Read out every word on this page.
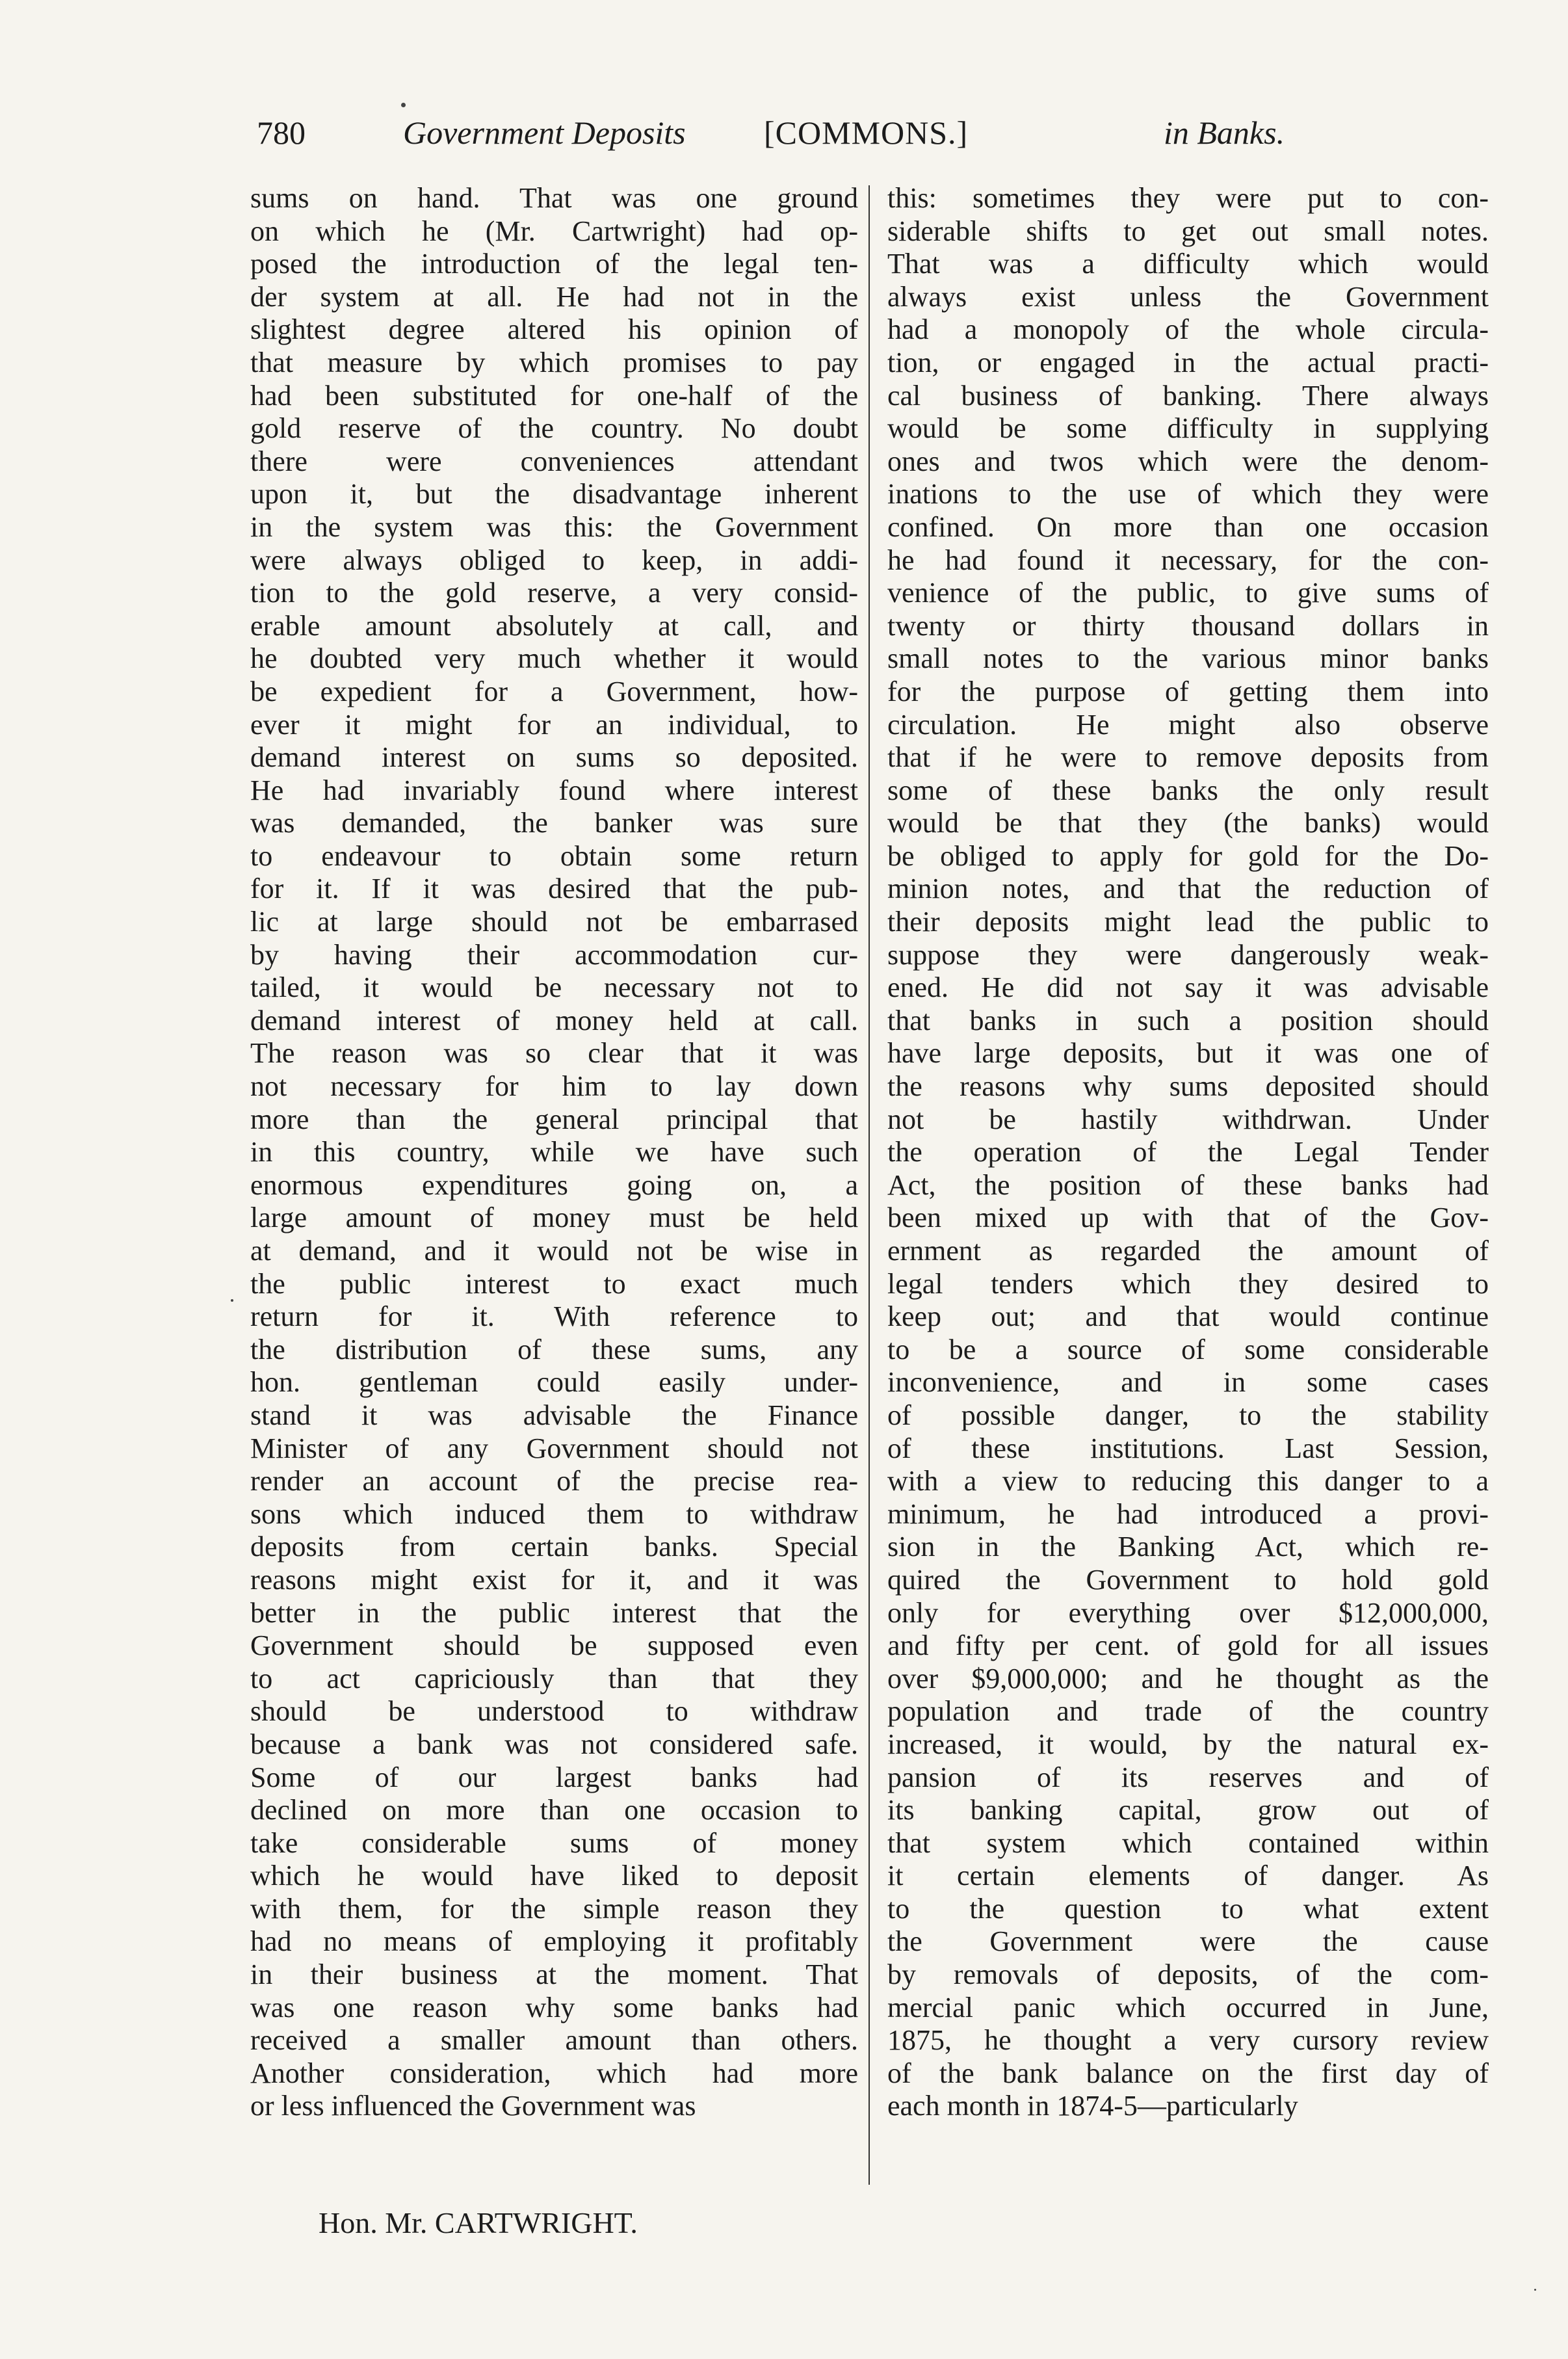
780	Government Deposits [COMMONS.]	in Banks.
sums on hand. That was one ground
on which he (Mr. Cartwright) had op-
posed the introduction of the legal ten-
der system at all. He had not in the
slightest degree altered his opinion of
that measure by which promises to pay
had been substituted for one-half of the
gold reserve of the country. No doubt
there were conveniences attendant
upon it, but the disadvantage inherent
in the system was this: the Government
were always obliged to keep, in addi-
tion to the gold reserve, a very consid-
erable amount absolutely at call, and
he doubted very much whether it would
be expedient for a Government, how-
ever it might for an individual, to
demand interest on sums so deposited.
He had invariably found where interest
was demanded, the banker was sure
to endeavour to obtain some return
for it. If it was desired that the pub-
lic at large should not be embarrased
by having their accommodation cur-
tailed, it would be necessary not to
demand interest of money held at call.
The reason was so clear that it was
not necessary for him to lay down
more than the general principal that
in this country, while we have such
enormous expenditures going on, a
large amount of money must be held
at demand, and it would not be wise in
the public interest to exact much
return for it. With reference to
the distribution of these sums, any
hon. gentleman could easily under-
stand it was advisable the Finance
Minister of any Government should not
render an account of the precise rea-
sons which induced them to withdraw
deposits from certain banks. Special
reasons might exist for it, and it was
better in the public interest that the
Government should be supposed even
to act capriciously than that they
should be understood to withdraw
because a bank was not considered safe.
Some of our largest banks had
declined on more than one occasion to
take considerable sums of money
which he would have liked to deposit
with them, for the simple reason they
had no means of employing it profitably
in their business at the moment. That
was one reason why some banks had
received a smaller amount than others.
Another consideration, which had more
or less influenced the Government was
this: sometimes they were put to con-
siderable shifts to get out small notes.
That was a difficulty which would
always exist unless the Government
had a monopoly of the whole circula-
tion, or engaged in the actual practi-
cal business of banking. There always
would be some difficulty in supplying
ones and twos which were the denom-
inations to the use of which they were
confined. On more than one occasion
he had found it necessary, for the con-
venience of the public, to give sums of
twenty or thirty thousand dollars in
small notes to the various minor banks
for the purpose of getting them into
circulation. He might also observe
that if he were to remove deposits from
some of these banks the only result
would be that they (the banks) would
be obliged to apply for gold for the Do-
minion notes, and that the reduction of
their deposits might lead the public to
suppose they were dangerously weak-
ened. He did not say it was advisable
that banks in such a position should
have large deposits, but it was one of
the reasons why sums deposited should
not be hastily withdrwan. Under
the operation of the Legal Tender
Act, the position of these banks had
been mixed up with that of the Gov-
ernment as regarded the amount of
legal tenders which they desired to
keep out; and that would continue
to be a source of some considerable
inconvenience, and in some cases
of possible danger, to the stability
of these institutions. Last Session,
with a view to reducing this danger to a
minimum, he had introduced a provi-
sion in the Banking Act, which re-
quired the Government to hold gold
only for everything over $12,000,000,
and fifty per cent. of gold for all issues
over $9,000,000; and he thought as the
population and trade of the country
increased, it would, by the natural ex-
pansion of its reserves and of
its banking capital, grow out of
that system which contained within
it certain elements of danger. As
to the question to what extent
the Government were the cause
by removals of deposits, of the com-
mercial panic which occurred in June,
1875, he thought a very cursory review
of the bank balance on the first day of
each month in 1874-5—particularly
Hon. Mr. CARTWRIGHT.
